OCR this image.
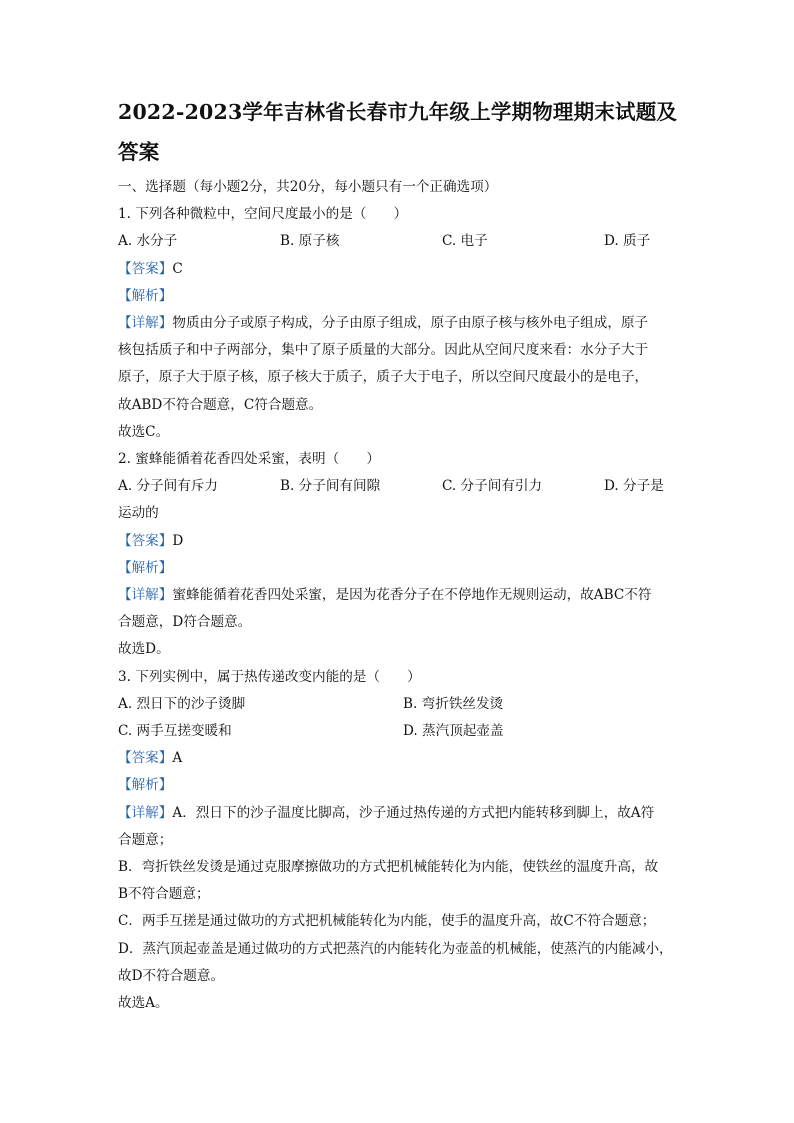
2022-2023学年吉林省长春市九年级上学期物理期末试题及
答案
一、选择题（每小题2分，共20分，每小题只有一个正确选项）
1. 下列各种微粒中，空间尺度最小的是（　　）
A. 水分子	B. 原子核	C. 电子	D. 质子
【答案】C
【解析】
【详解】物质由分子或原子构成，分子由原子组成，原子由原子核与核外电子组成，原子
核包括质子和中子两部分，集中了原子质量的大部分。因此从空间尺度来看：水分子大于
原子，原子大于原子核，原子核大于质子，质子大于电子，所以空间尺度最小的是电子，
故ABD不符合题意，C符合题意。
故选C。
2. 蜜蜂能循着花香四处采蜜，表明（　　）
A. 分子间有斥力	B. 分子间有间隙	C. 分子间有引力	D. 分子是
运动的
【答案】D
【解析】
【详解】蜜蜂能循着花香四处采蜜，是因为花香分子在不停地作无规则运动，故ABC不符
合题意，D符合题意。
故选D。
3. 下列实例中，属于热传递改变内能的是（　　）
A. 烈日下的沙子烫脚	B. 弯折铁丝发烫
C. 两手互搓变暖和	D. 蒸汽顶起壶盖
【答案】A
【解析】
【详解】A．烈日下的沙子温度比脚高，沙子通过热传递的方式把内能转移到脚上，故A符
合题意；
B．弯折铁丝发烫是通过克服摩擦做功的方式把机械能转化为内能，使铁丝的温度升高，故
B不符合题意；
C．两手互搓是通过做功的方式把机械能转化为内能，使手的温度升高，故C不符合题意；
D．蒸汽顶起壶盖是通过做功的方式把蒸汽的内能转化为壶盖的机械能，使蒸汽的内能减小，
故D不符合题意。
故选A。
